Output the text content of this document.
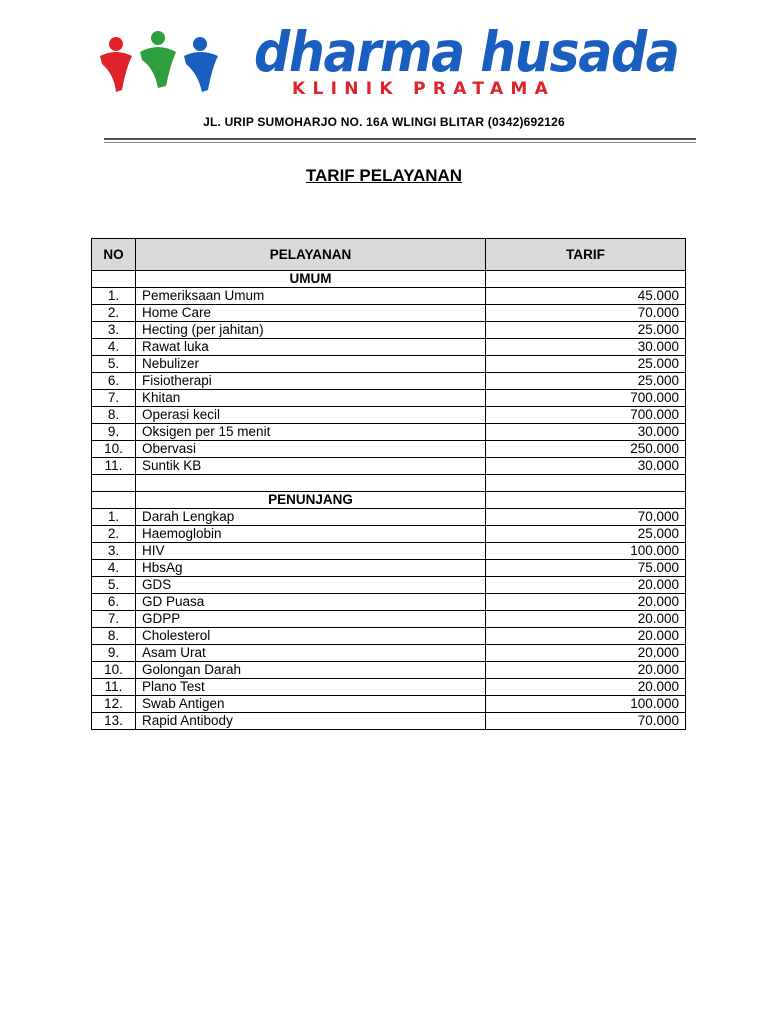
dharma husada
KLINIK PRATAMA
JL. URIP SUMOHARJO NO. 16A WLINGI BLITAR (0342)692126
TARIF PELAYANAN
NO	PELAYANAN	TARIF
	UMUM	
1.	Pemeriksaan Umum	45.000
2.	Home Care	70.000
3.	Hecting (per jahitan)	25.000
4.	Rawat luka	30.000
5.	Nebulizer	25.000
6.	Fisiotherapi	25.000
7.	Khitan	700.000
8.	Operasi kecil	700.000
9.	Oksigen per 15 menit	30.000
10.	Obervasi	250.000
11.	Suntik KB	30.000

	PENUNJANG	
1.	Darah Lengkap	70.000
2.	Haemoglobin	25.000
3.	HIV	100.000
4.	HbsAg	75.000
5.	GDS	20.000
6.	GD Puasa	20.000
7.	GDPP	20.000
8.	Cholesterol	20.000
9.	Asam Urat	20.000
10.	Golongan Darah	20.000
11.	Plano Test	20.000
12.	Swab Antigen	100.000
13.	Rapid Antibody	70.000
